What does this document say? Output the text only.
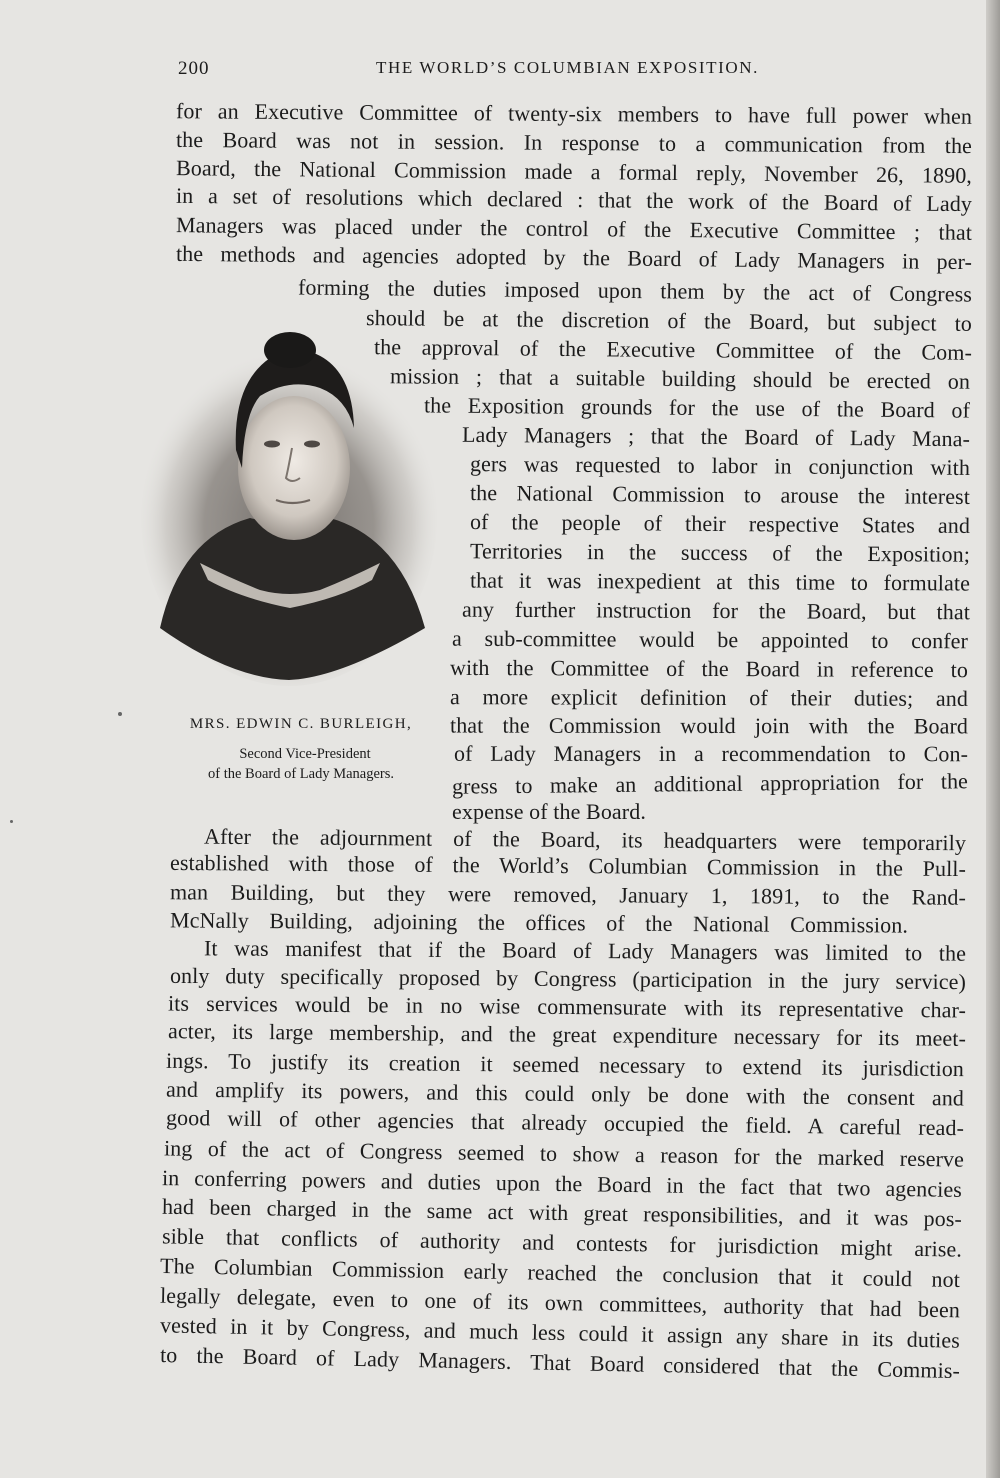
200	THE WORLD’S COLUMBIAN EXPOSITION.
for an Executive Committee of twenty-six members to have full power when
the Board was not in session. In response to a communication from the
Board, the National Commission made a formal reply, November 26, 1890,
in a set of resolutions which declared : that the work of the Board of Lady
Managers was placed under the control of the Executive Committee ; that
the methods and agencies adopted by the Board of Lady Managers in per-
forming the duties imposed upon them by the act of Congress
should be at the discretion of the Board, but subject to
the approval of the Executive Committee of the Com-
mission ; that a suitable building should be erected on
the Exposition grounds for the use of the Board of
Lady Managers ; that the Board of Lady Mana-
gers was requested to labor in conjunction with
the National Commission to arouse the interest
of the people of their respective States and
Territories in the success of the Exposition;
that it was inexpedient at this time to formulate
any further instruction for the Board, but that
a sub-committee would be appointed to confer
with the Committee of the Board in reference to
a more explicit definition of their duties; and
that the Commission would join with the Board
of Lady Managers in a recommendation to Con-
gress to make an additional appropriation for the
expense of the Board.
After the adjournment of the Board, its headquarters were temporarily
established with those of the World’s Columbian Commission in the Pull-
man Building, but they were removed, January 1, 1891, to the Rand-
McNally Building, adjoining the offices of the National Commission.
It was manifest that if the Board of Lady Managers was limited to the
only duty specifically proposed by Congress (participation in the jury service)
its services would be in no wise commensurate with its representative char-
acter, its large membership, and the great expenditure necessary for its meet-
ings. To justify its creation it seemed necessary to extend its jurisdiction
and amplify its powers, and this could only be done with the consent and
good will of other agencies that already occupied the field. A careful read-
ing of the act of Congress seemed to show a reason for the marked reserve
in conferring powers and duties upon the Board in the fact that two agencies
had been charged in the same act with great responsibilities, and it was pos-
sible that conflicts of authority and contests for jurisdiction might arise.
The Columbian Commission early reached the conclusion that it could not
legally delegate, even to one of its own committees, authority that had been
vested in it by Congress, and much less could it assign any share in its duties
to the Board of Lady Managers. That Board considered that the Commis-
MRS. EDWIN C. BURLEIGH,
Second Vice-President
of the Board of Lady Managers.
